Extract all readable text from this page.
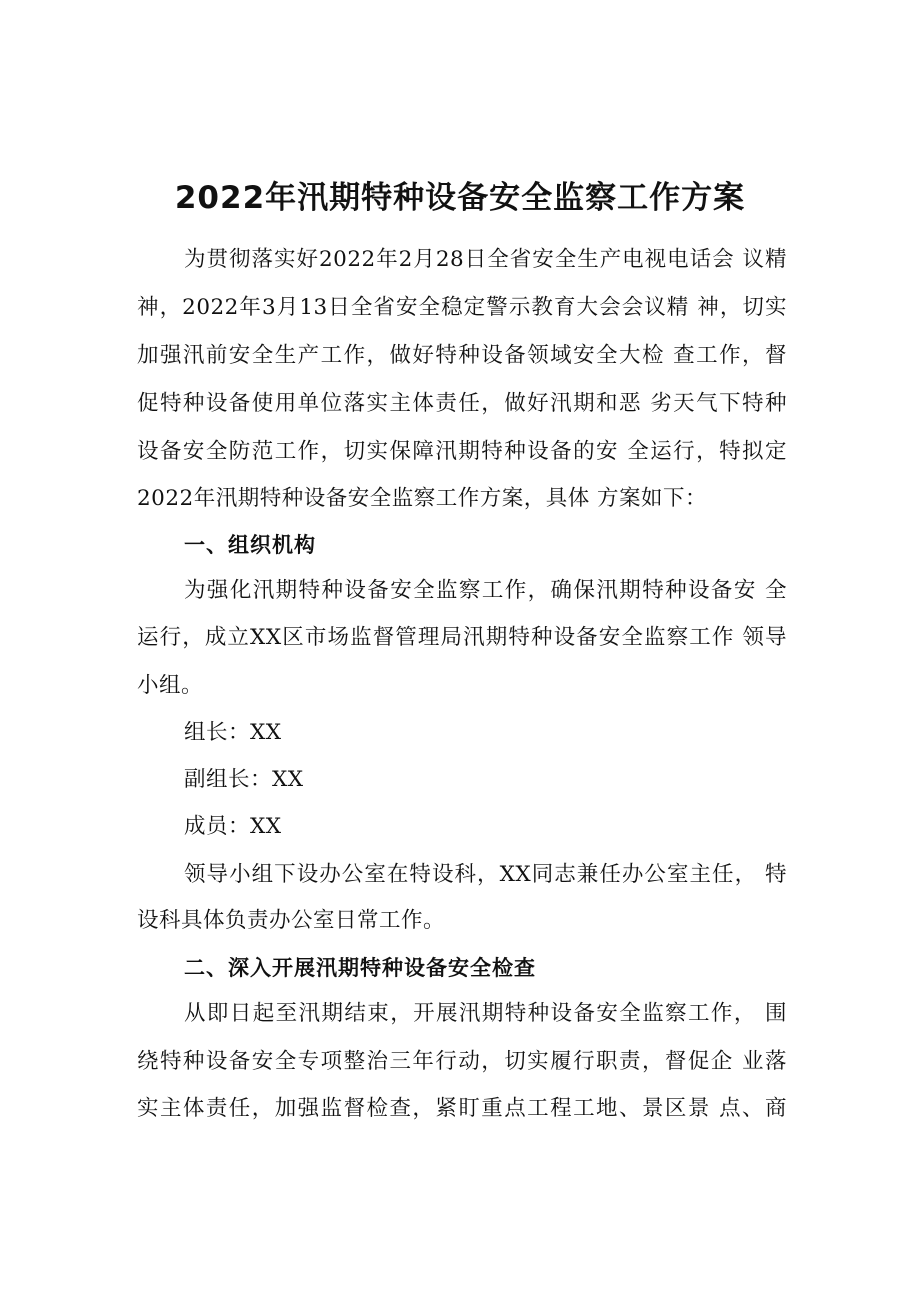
2022年汛期特种设备安全监察工作方案
为贯彻落实好2022年2月28日全省安全生产电视电话会 议精
神，2022年3月13日全省安全稳定警示教育大会会议精 神，切实
加强汛前安全生产工作，做好特种设备领域安全大检 查工作，督
促特种设备使用单位落实主体责任，做好汛期和恶 劣天气下特种
设备安全防范工作，切实保障汛期特种设备的安 全运行，特拟定
2022年汛期特种设备安全监察工作方案，具体 方案如下：
一、组织机构
为强化汛期特种设备安全监察工作，确保汛期特种设备安 全
运行，成立XX区市场监督管理局汛期特种设备安全监察工作 领导
小组。
组长：XX
副组长：XX
成员：XX
领导小组下设办公室在特设科，XX同志兼任办公室主任， 特
设科具体负责办公室日常工作。
二、深入开展汛期特种设备安全检查
从即日起至汛期结束，开展汛期特种设备安全监察工作， 围
绕特种设备安全专项整治三年行动，切实履行职责，督促企 业落
实主体责任，加强监督检查，紧盯重点工程工地、景区景 点、商
